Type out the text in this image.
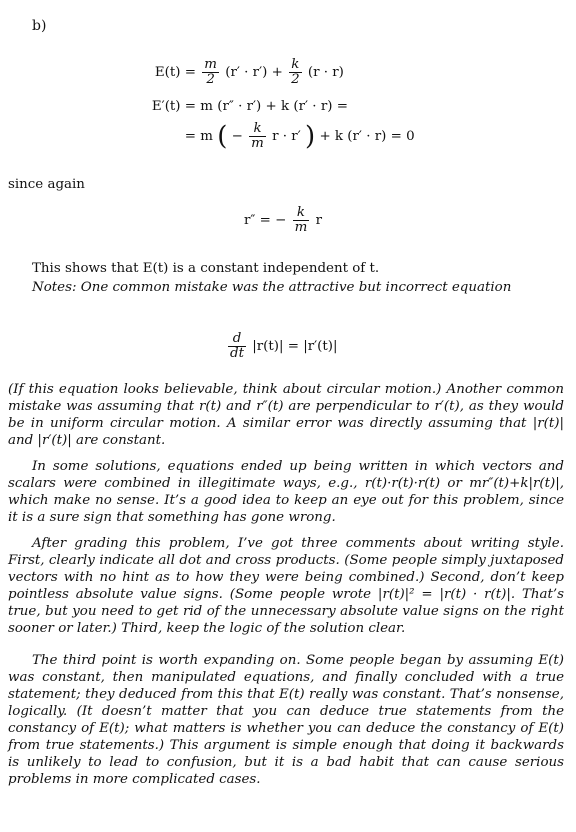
b)
$E(t) = \frac{m}{2} (r' \cdot r') + \frac{k}{2} (r \cdot r)$
E′(t) = m (r″ · r′) + k (r′ · r) =
= m ( − $\frac{k}{m}$ r · r′ ) + k (r′ · r) = 0
since again
r″ = − $\frac{k}{m}$ r
This shows that E(t) is a constant independent of t.
Notes: One common mistake was the attractive but incorrect equation
$\frac{d}{dt} |r(t)| = |r'(t)|$
(If this equation looks believable, think about circular motion.) Another common mistake was assuming that r(t) and r″(t) are perpendicular to r′(t), as they would be in uniform circular motion. A similar error was directly assuming that |r(t)| and |r′(t)| are constant.
In some solutions, equations ended up being written in which vectors and scalars were combined in illegitimate ways, e.g., r(t)·r(t)·r(t) or mr″(t)+k|r(t)|, which make no sense. It’s a good idea to keep an eye out for this problem, since it is a sure sign that something has gone wrong.
After grading this problem, I’ve got three comments about writing style. First, clearly indicate all dot and cross products. (Some people simply juxtaposed vectors with no hint as to how they were being combined.) Second, don’t keep pointless absolute value signs. (Some people wrote |r(t)|² = |r(t) · r(t)|. That’s true, but you need to get rid of the unnecessary absolute value signs on the right sooner or later.) Third, keep the logic of the solution clear.
The third point is worth expanding on. Some people began by assuming E(t) was constant, then manipulated equations, and finally concluded with a true statement; they deduced from this that E(t) really was constant. That’s nonsense, logically. (It doesn’t matter that you can deduce true statements from the constancy of E(t); what matters is whether you can deduce the constancy of E(t) from true statements.) This argument is simple enough that doing it backwards is unlikely to lead to confusion, but it is a bad habit that can cause serious problems in more complicated cases.
